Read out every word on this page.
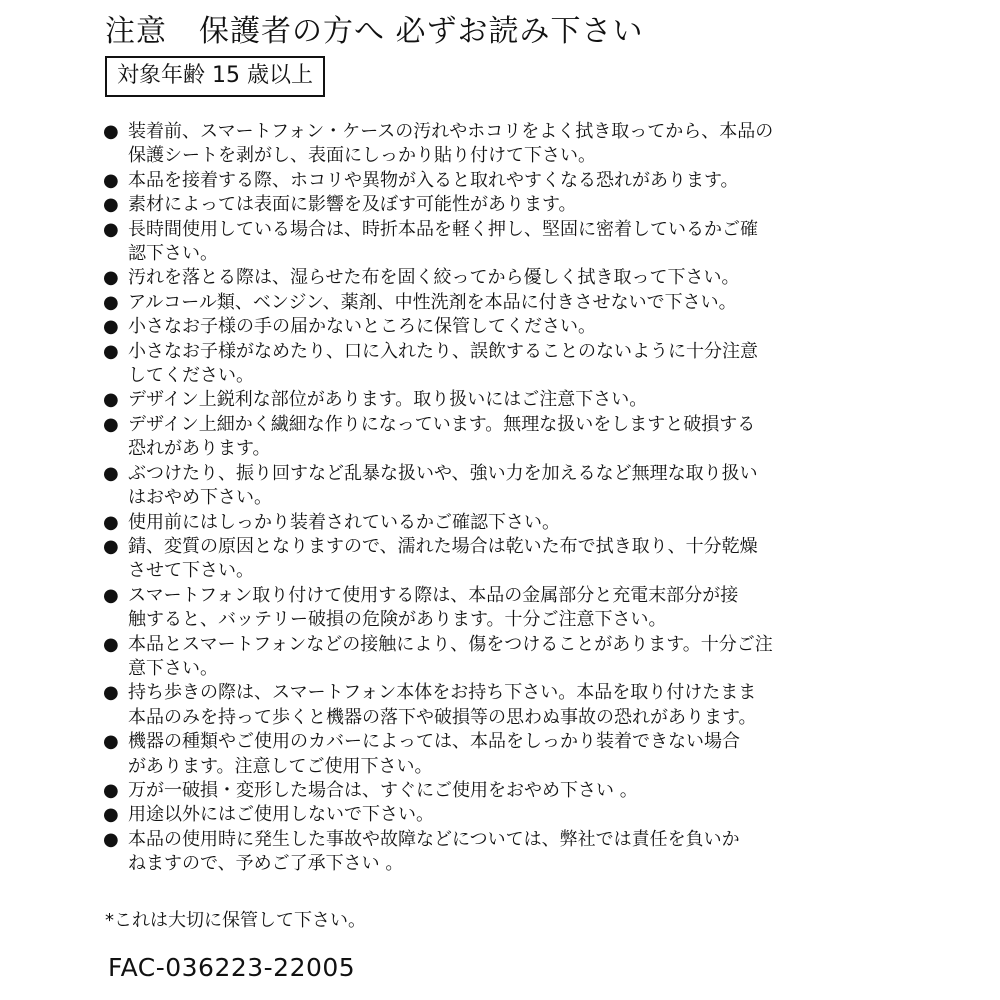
注意 保護者の方へ 必ずお読み下さい
対象年齢 15 歳以上
● 装着前、スマートフォン・ケースの汚れやホコリをよく拭き取ってから、本品の
保護シートを剥がし、表面にしっかり貼り付けて下さい。
● 本品を接着する際、ホコリや異物が入ると取れやすくなる恐れがあります。
● 素材によっては表面に影響を及ぼす可能性があります。
● 長時間使用している場合は、時折本品を軽く押し、堅固に密着しているかご確
認下さい。
● 汚れを落とる際は、湿らせた布を固く絞ってから優しく拭き取って下さい。
● アルコール類、ベンジン、薬剤、中性洗剤を本品に付きさせないで下さい。
● 小さなお子様の手の届かないところに保管してください。
● 小さなお子様がなめたり、口に入れたり、誤飲することのないように十分注意
してください。
● デザイン上鋭利な部位があります。取り扱いにはご注意下さい。
● デザイン上細かく繊細な作りになっています。無理な扱いをしますと破損する
恐れがあります。
● ぶつけたり、振り回すなど乱暴な扱いや、強い力を加えるなど無理な取り扱い
はおやめ下さい。
● 使用前にはしっかり装着されているかご確認下さい。
● 錆、変質の原因となりますので、濡れた場合は乾いた布で拭き取り、十分乾燥
させて下さい。
● スマートフォン取り付けて使用する際は、本品の金属部分と充電末部分が接
触すると、バッテリー破損の危険があります。十分ご注意下さい。
● 本品とスマートフォンなどの接触により、傷をつけることがあります。十分ご注
意下さい。
● 持ち歩きの際は、スマートフォン本体をお持ち下さい。本品を取り付けたまま
本品のみを持って歩くと機器の落下や破損等の思わぬ事故の恐れがあります。
● 機器の種類やご使用のカバーによっては、本品をしっかり装着できない場合
があります。注意してご使用下さい。
● 万が一破損・変形した場合は、すぐにご使用をおやめ下さい 。
● 用途以外にはご使用しないで下さい。
● 本品の使用時に発生した事故や故障などについては、弊社では責任を負いか
ねますので、予めご了承下さい 。
*これは大切に保管して下さい。
FAC-036223-22005
